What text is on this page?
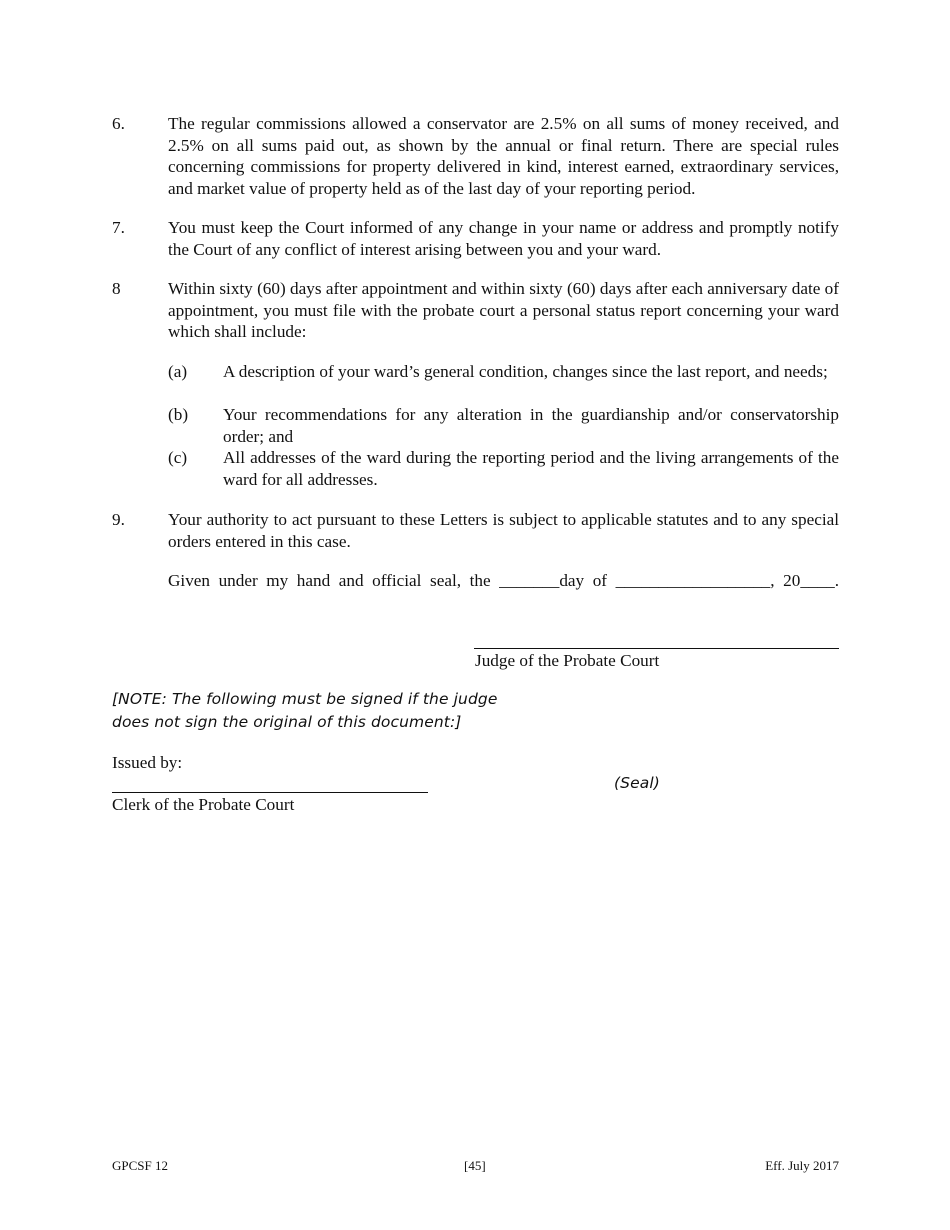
6.	The regular commissions allowed a conservator are 2.5% on all sums of money received, and 2.5% on all sums paid out, as shown by the annual or final return. There are special rules concerning commissions for property delivered in kind, interest earned, extraordinary services, and market value of property held as of the last day of your reporting period.
7.	You must keep the Court informed of any change in your name or address and promptly notify the Court of any conflict of interest arising between you and your ward.
8	Within sixty (60) days after appointment and within sixty (60) days after each anniversary date of appointment, you must file with the probate court a personal status report concerning your ward which shall include:
(a) A description of your ward’s general condition, changes since the last report, and needs;
(b) Your recommendations for any alteration in the guardianship and/or conservatorship order; and
(c) All addresses of the ward during the reporting period and the living arrangements of the ward for all addresses.
9.	Your authority to act pursuant to these Letters is subject to applicable statutes and to any special orders entered in this case.
Given under my hand and official seal, the _______day of __________________, 20____.
Judge of the Probate Court
[NOTE: The following must be signed if the judge
does not sign the original of this document:]
Issued by:
(Seal)
Clerk of the Probate Court
GPCSF 12	[45]	Eff. July 2017
